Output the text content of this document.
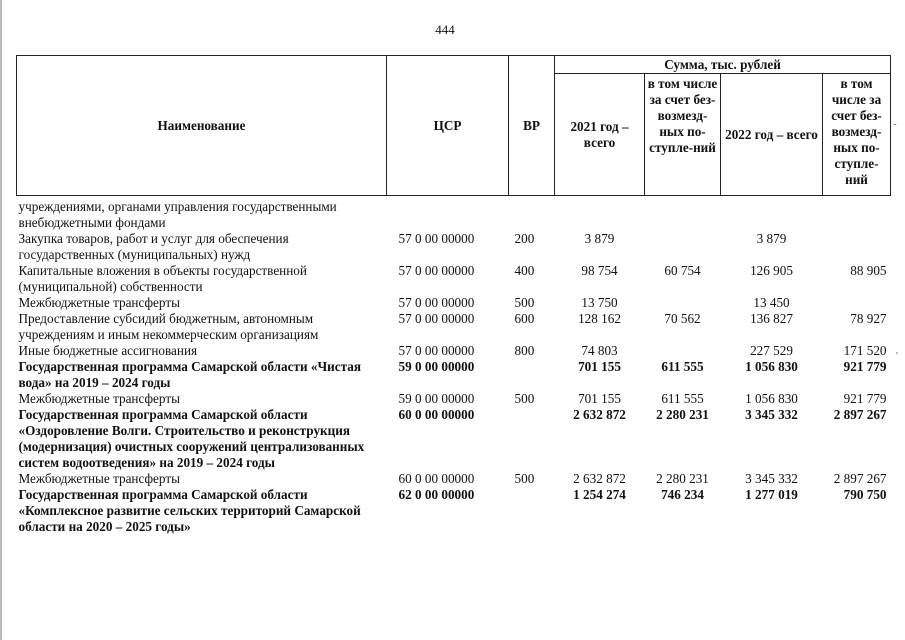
444
Наименование	ЦСР	ВР	Сумма, тыс. рублей			
			2021 год – всего	в том числе за счет без-возмезд-ных по-ступле-ний	2022 год – всего	в том числе за счет без-возмезд-ных по-ступле-ний
учреждениями, органами управления государственными внебюджетными фондами						
Закупка товаров, работ и услуг для обеспечения государственных (муниципальных) нужд	57 0 00 00000	200	3 879		3 879	
Капитальные вложения в объекты государственной (муниципальной) собственности	57 0 00 00000	400	98 754	60 754	126 905	88 905
Межбюджетные трансферты	57 0 00 00000	500	13 750		13 450	
Предоставление субсидий бюджетным, автономным учреждениям и иным некоммерческим организациям	57 0 00 00000	600	128 162	70 562	136 827	78 927
Иные бюджетные ассигнования	57 0 00 00000	800	74 803		227 529	171 520
Государственная программа Самарской области «Чистая вода» на 2019 – 2024 годы	59 0 00 00000		701 155	611 555	1 056 830	921 779
Межбюджетные трансферты	59 0 00 00000	500	701 155	611 555	1 056 830	921 779
Государственная программа Самарской области «Оздоровление Волги. Строительство и реконструкция (модернизация) очистных сооружений централизованных систем водоотведения» на 2019 – 2024 годы	60 0 00 00000		2 632 872	2 280 231	3 345 332	2 897 267
Межбюджетные трансферты	60 0 00 00000	500	2 632 872	2 280 231	3 345 332	2 897 267
Государственная программа Самарской области «Комплексное развитие сельских территорий Самарской области на 2020 – 2025 годы»	62 0 00 00000		1 254 274	746 234	1 277 019	790 750
-
'
